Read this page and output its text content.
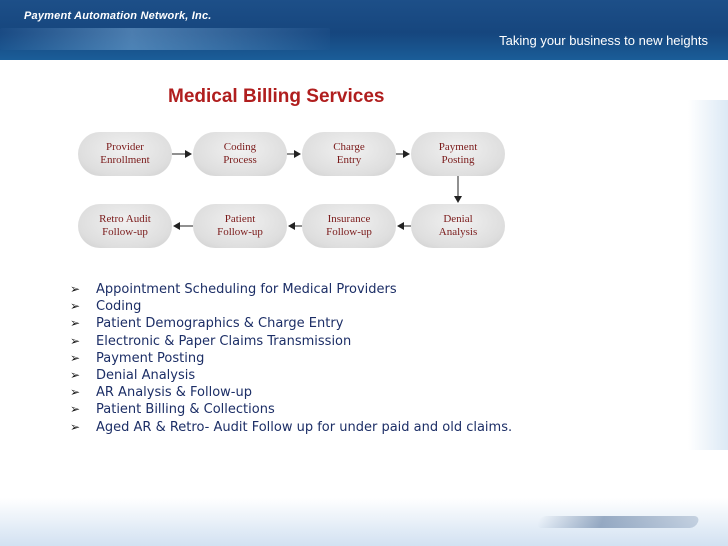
Payment Automation Network, Inc.
Taking your business to new heights
Medical Billing Services
Provider
Enrollment
Coding
Process
Charge
Entry
Payment
Posting
Retro Audit
Follow-up
Patient
Follow-up
Insurance
Follow-up
Denial
Analysis
➢ Appointment Scheduling for Medical Providers
➢ Coding
➢ Patient Demographics & Charge Entry
➢ Electronic & Paper Claims Transmission
➢ Payment Posting
➢ Denial Analysis
➢ AR Analysis & Follow-up
➢ Patient Billing & Collections
➢ Aged AR & Retro- Audit Follow up for under paid and old claims.
